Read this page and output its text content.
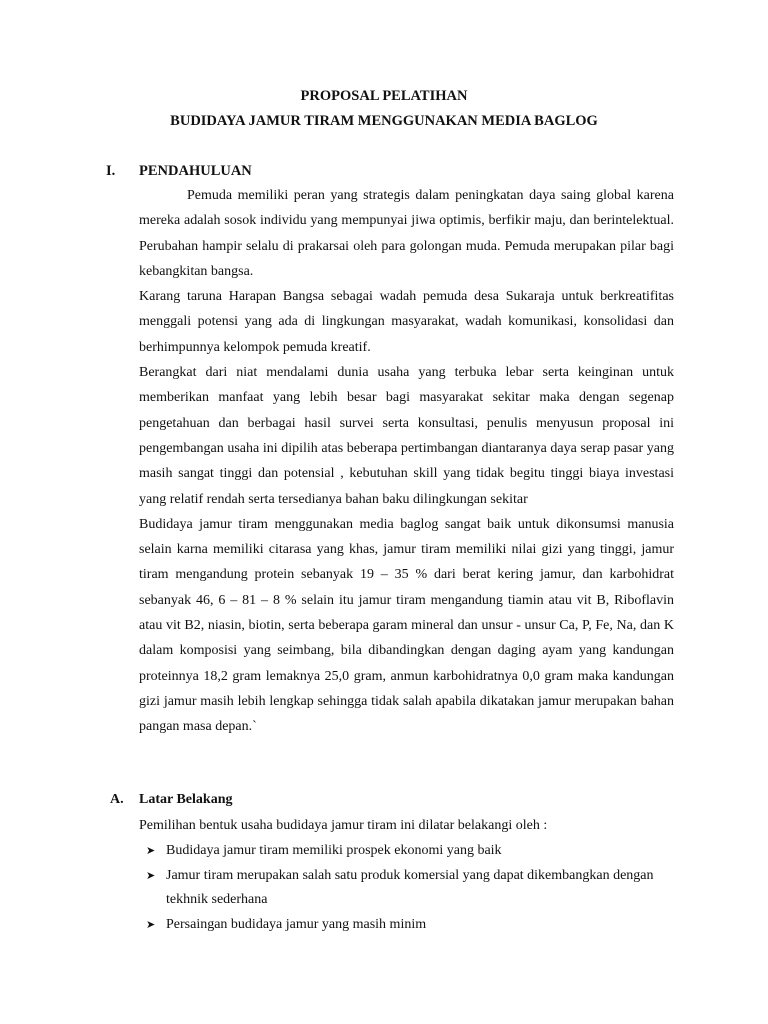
PROPOSAL PELATIHAN
BUDIDAYA JAMUR TIRAM MENGGUNAKAN MEDIA BAGLOG
I. PENDAHULUAN

Pemuda memiliki peran yang strategis dalam peningkatan daya saing global karena mereka adalah sosok individu yang mempunyai jiwa optimis, berfikir maju, dan berintelektual. Perubahan hampir selalu di prakarsai oleh para golongan muda. Pemuda merupakan pilar bagi kebangkitan bangsa.

Karang taruna Harapan Bangsa sebagai wadah pemuda desa Sukaraja untuk berkreatifitas menggali potensi yang ada di lingkungan masyarakat, wadah komunikasi, konsolidasi dan berhimpunnya kelompok pemuda kreatif.

Berangkat dari niat mendalami dunia usaha yang terbuka lebar serta keinginan untuk memberikan manfaat yang lebih besar bagi masyarakat sekitar maka dengan segenap pengetahuan dan berbagai hasil survei serta konsultasi, penulis menyusun proposal ini pengembangan usaha ini dipilih atas beberapa pertimbangan diantaranya daya serap pasar yang masih sangat tinggi dan potensial , kebutuhan skill yang tidak begitu tinggi biaya investasi yang relatif rendah serta tersedianya bahan baku dilingkungan sekitar

Budidaya jamur tiram menggunakan media baglog sangat baik untuk dikonsumsi manusia selain karna memiliki citarasa yang khas, jamur tiram memiliki nilai gizi yang tinggi, jamur tiram mengandung protein sebanyak 19 – 35 % dari berat kering jamur, dan karbohidrat sebanyak 46, 6 – 81 – 8 % selain itu jamur tiram mengandung tiamin atau vit B, Riboflavin atau vit B2, niasin, biotin, serta beberapa garam mineral dan unsur - unsur Ca, P, Fe, Na, dan K dalam komposisi yang seimbang, bila dibandingkan dengan daging ayam yang kandungan proteinnya 18,2 gram lemaknya 25,0 gram, anmun karbohidratnya 0,0 gram maka kandungan gizi jamur masih lebih lengkap sehingga tidak salah apabila dikatakan jamur merupakan bahan pangan masa depan.`

A. Latar Belakang
Pemilihan bentuk usaha budidaya jamur tiram ini dilatar belakangi oleh :
➤ Budidaya jamur tiram memiliki prospek ekonomi yang baik
➤ Jamur tiram merupakan salah satu produk komersial yang dapat dikembangkan dengan tekhnik sederhana
➤ Persaingan budidaya jamur yang masih minim
